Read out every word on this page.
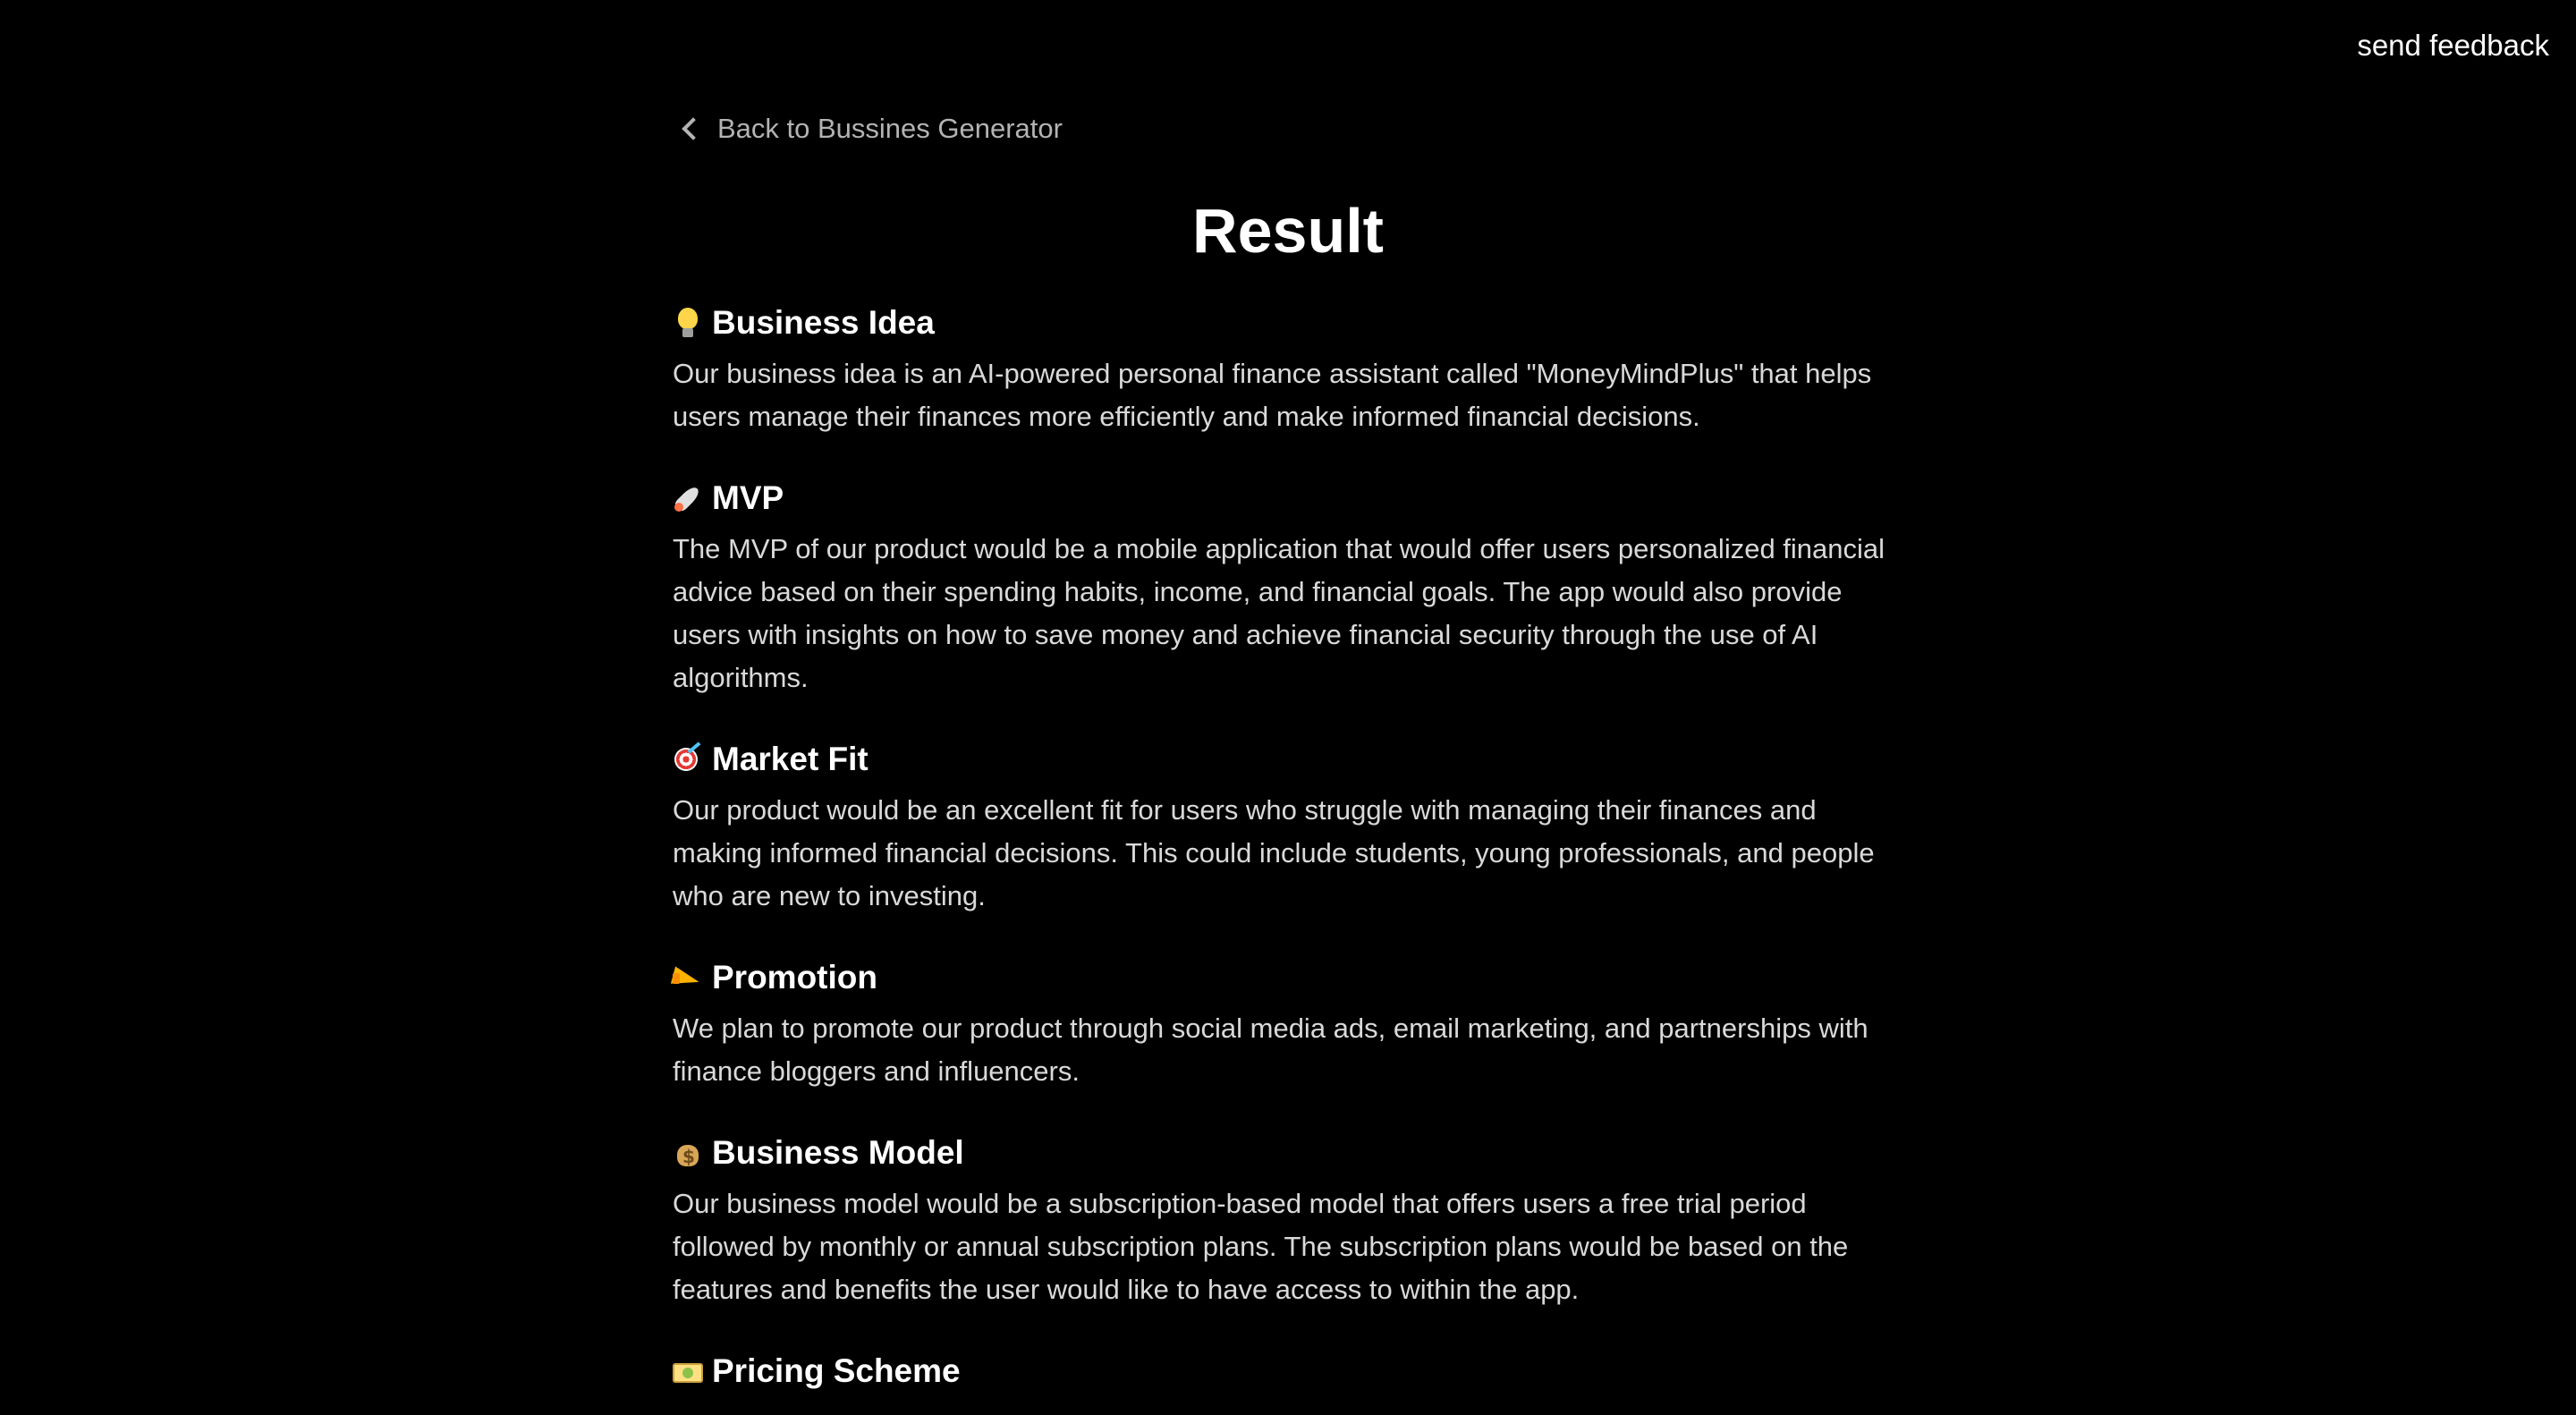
send feedback
Back to Bussines Generator
Result
Business Idea

Our business idea is an AI-powered personal finance assistant called "MoneyMindPlus" that helps users manage their finances more efficiently and make informed financial decisions.

MVP

The MVP of our product would be a mobile application that would offer users personalized financial advice based on their spending habits, income, and financial goals. The app would also provide users with insights on how to save money and achieve financial security through the use of AI algorithms.

Market Fit

Our product would be an excellent fit for users who struggle with managing their finances and making informed financial decisions. This could include students, young professionals, and people who are new to investing.

Promotion

We plan to promote our product through social media ads, email marketing, and partnerships with finance bloggers and influencers.

$
Business Model

Our business model would be a subscription-based model that offers users a free trial period followed by monthly or annual subscription plans. The subscription plans would be based on the features and benefits the user would like to have access to within the app.

Pricing Scheme
